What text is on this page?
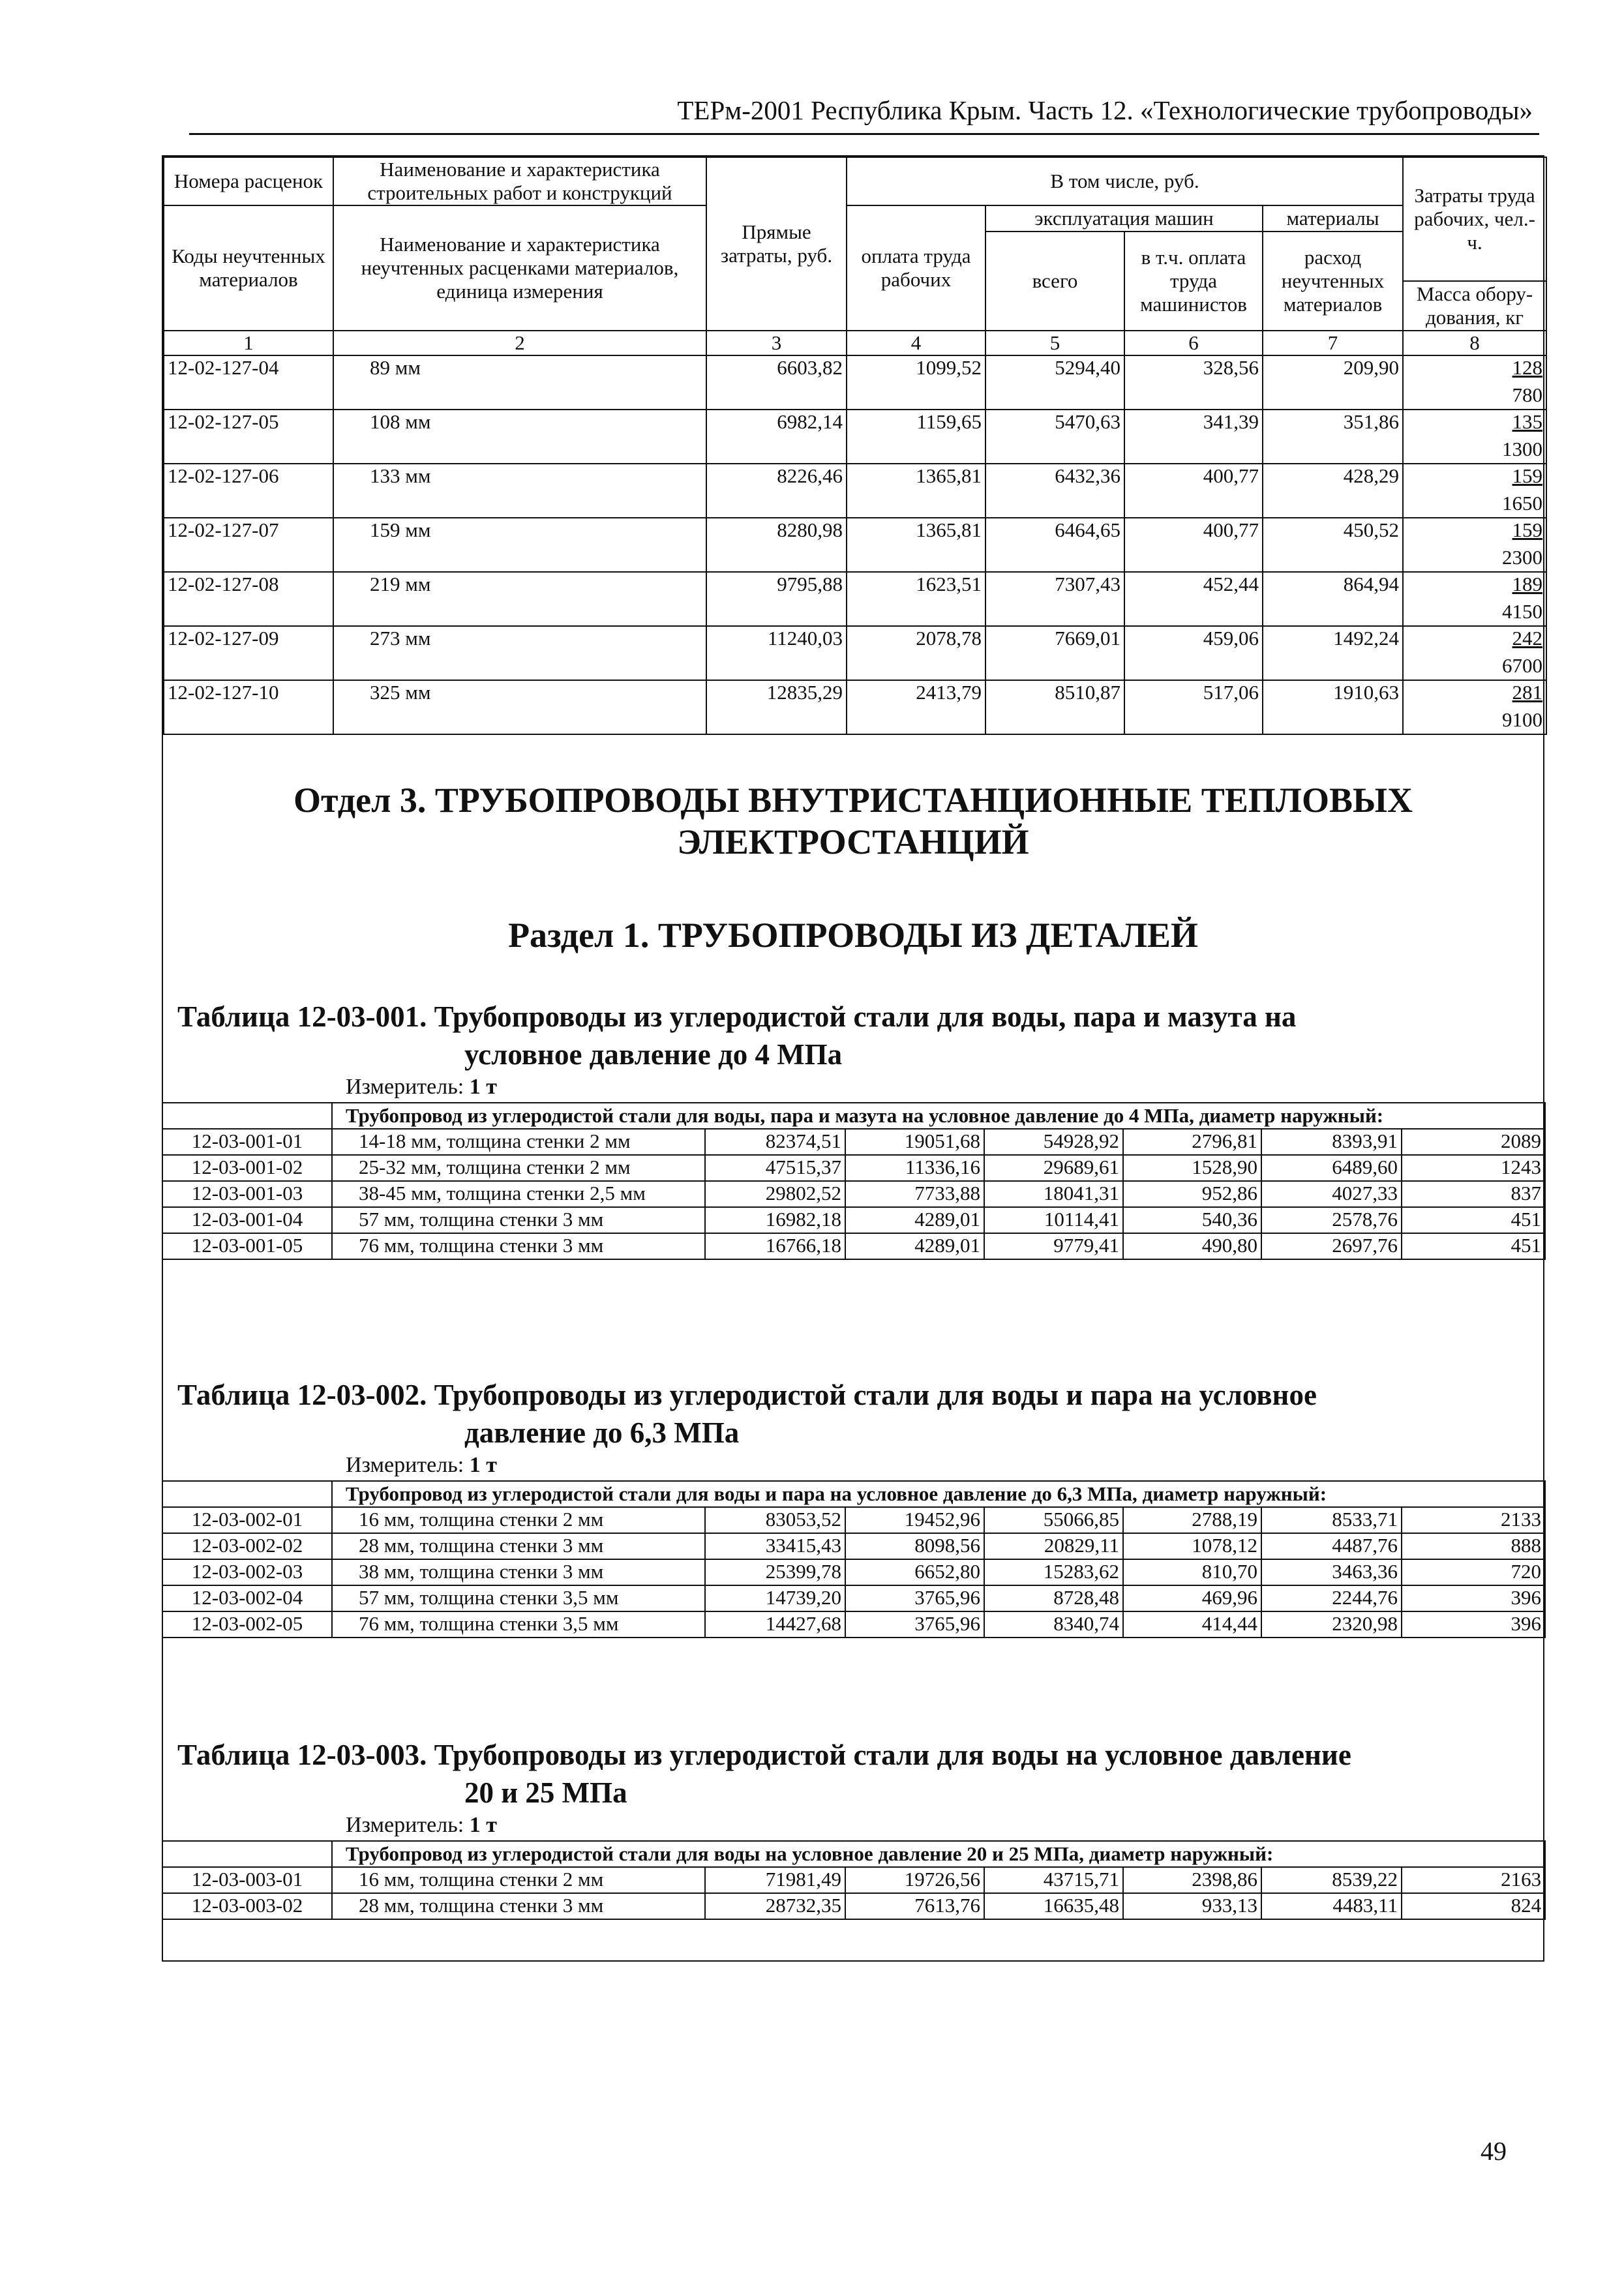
ТЕРм-2001 Республика Крым. Часть 12. «Технологические трубопроводы»
Номера расценок	Наименование и характеристика строительных работ и конструкций	Прямые затраты, руб.	В том числе, руб.				Затраты труда рабочих, чел.-ч.
Коды неучтенных материалов	Наименование и характеристика неучтенных расценками материалов, единица измерения		оплата труда рабочих	эксплуатация машин		материалы	
				всего	в т.ч. оплата труда машинистов	расход неучтенных материалов	
							Масса обору-дования, кг
1	2	3	4	5	6	7	8
12-02-127-04	89 мм	6603,82	1099,52	5294,40	328,56	209,90	128
							780
12-02-127-05	108 мм	6982,14	1159,65	5470,63	341,39	351,86	135
							1300
12-02-127-06	133 мм	8226,46	1365,81	6432,36	400,77	428,29	159
							1650
12-02-127-07	159 мм	8280,98	1365,81	6464,65	400,77	450,52	159
							2300
12-02-127-08	219 мм	9795,88	1623,51	7307,43	452,44	864,94	189
							4150
12-02-127-09	273 мм	11240,03	2078,78	7669,01	459,06	1492,24	242
							6700
12-02-127-10	325 мм	12835,29	2413,79	8510,87	517,06	1910,63	281
							9100

Отдел 3. ТРУБОПРОВОДЫ ВНУТРИСТАНЦИОННЫЕ ТЕПЛОВЫХ
ЭЛЕКТРОСТАНЦИЙ
Раздел 1. ТРУБОПРОВОДЫ ИЗ ДЕТАЛЕЙ
Таблица 12-03-001. Трубопроводы из углеродистой стали для воды, пара и мазута на
условное давление до 4 МПа
Измеритель: 1 т
	Трубопровод из углеродистой стали для воды, пара и мазута на условное давление до 4 МПа, диаметр наружный:						
12-03-001-01	14-18 мм, толщина стенки 2 мм	82374,51	19051,68	54928,92	2796,81	8393,91	2089
12-03-001-02	25-32 мм, толщина стенки 2 мм	47515,37	11336,16	29689,61	1528,90	6489,60	1243
12-03-001-03	38-45 мм, толщина стенки 2,5 мм	29802,52	7733,88	18041,31	952,86	4027,33	837
12-03-001-04	57 мм, толщина стенки 3 мм	16982,18	4289,01	10114,41	540,36	2578,76	451
12-03-001-05	76 мм, толщина стенки 3 мм	16766,18	4289,01	9779,41	490,80	2697,76	451
Таблица 12-03-002. Трубопроводы из углеродистой стали для воды и пара на условное
давление до 6,3 МПа
Измеритель: 1 т
	Трубопровод из углеродистой стали для воды и пара на условное давление до 6,3 МПа, диаметр наружный:						
12-03-002-01	16 мм, толщина стенки 2 мм	83053,52	19452,96	55066,85	2788,19	8533,71	2133
12-03-002-02	28 мм, толщина стенки 3 мм	33415,43	8098,56	20829,11	1078,12	4487,76	888
12-03-002-03	38 мм, толщина стенки 3 мм	25399,78	6652,80	15283,62	810,70	3463,36	720
12-03-002-04	57 мм, толщина стенки 3,5 мм	14739,20	3765,96	8728,48	469,96	2244,76	396
12-03-002-05	76 мм, толщина стенки 3,5 мм	14427,68	3765,96	8340,74	414,44	2320,98	396
Таблица 12-03-003. Трубопроводы из углеродистой стали для воды на условное давление
20 и 25 МПа
Измеритель: 1 т
	Трубопровод из углеродистой стали для воды на условное давление 20 и 25 МПа, диаметр наружный:						
12-03-003-01	16 мм, толщина стенки 2 мм	71981,49	19726,56	43715,71	2398,86	8539,22	2163
12-03-003-02	28 мм, толщина стенки 3 мм	28732,35	7613,76	16635,48	933,13	4483,11	824
49
